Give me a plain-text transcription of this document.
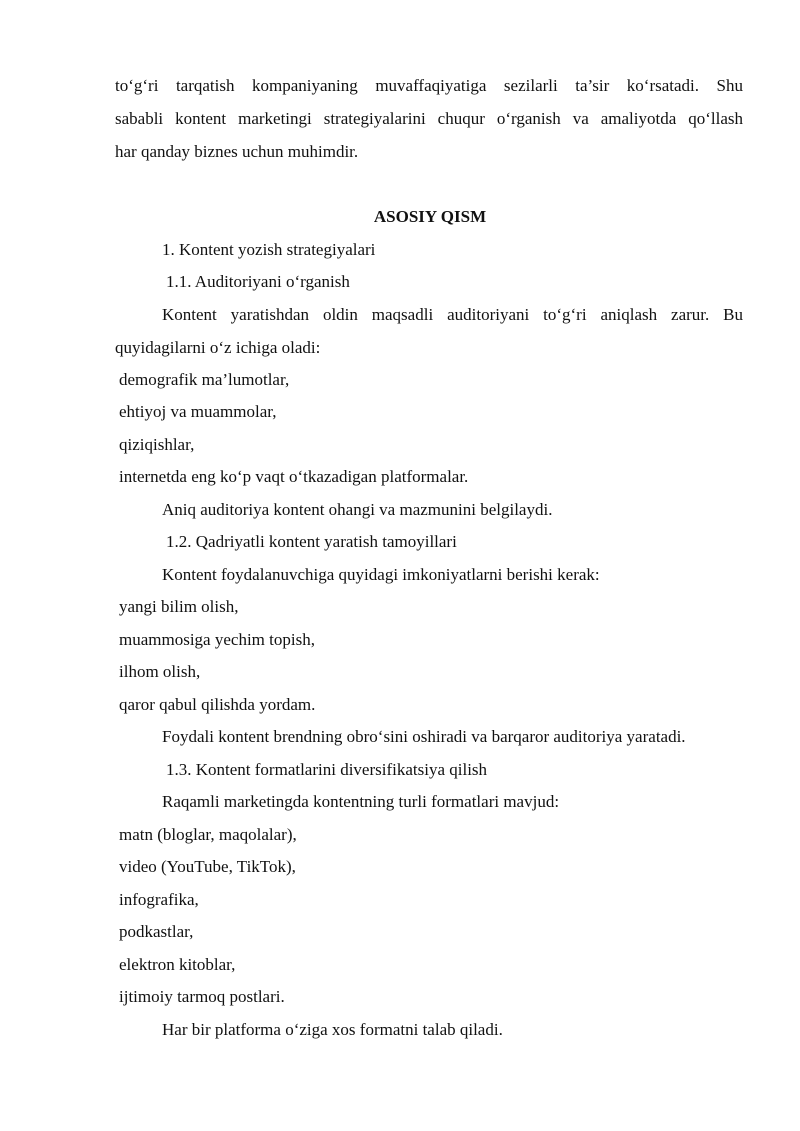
to‘g‘ri tarqatish kompaniyaning muvaffaqiyatiga sezilarli ta’sir ko‘rsatadi. Shu
sababli kontent marketingi strategiyalarini chuqur o‘rganish va amaliyotda qo‘llash
har qanday biznes uchun muhimdir.
ASOSIY QISM
1. Kontent yozish strategiyalari
1.1. Auditoriyani o‘rganish
Kontent yaratishdan oldin maqsadli auditoriyani to‘g‘ri aniqlash zarur. Bu
quyidagilarni o‘z ichiga oladi:
demografik ma’lumotlar,
ehtiyoj va muammolar,
qiziqishlar,
internetda eng ko‘p vaqt o‘tkazadigan platformalar.
Aniq auditoriya kontent ohangi va mazmunini belgilaydi.
1.2. Qadriyatli kontent yaratish tamoyillari
Kontent foydalanuvchiga quyidagi imkoniyatlarni berishi kerak:
yangi bilim olish,
muammosiga yechim topish,
ilhom olish,
qaror qabul qilishda yordam.
Foydali kontent brendning obro‘sini oshiradi va barqaror auditoriya yaratadi.
1.3. Kontent formatlarini diversifikatsiya qilish
Raqamli marketingda kontentning turli formatlari mavjud:
matn (bloglar, maqolalar),
video (YouTube, TikTok),
infografika,
podkastlar,
elektron kitoblar,
ijtimoiy tarmoq postlari.
Har bir platforma o‘ziga xos formatni talab qiladi.
